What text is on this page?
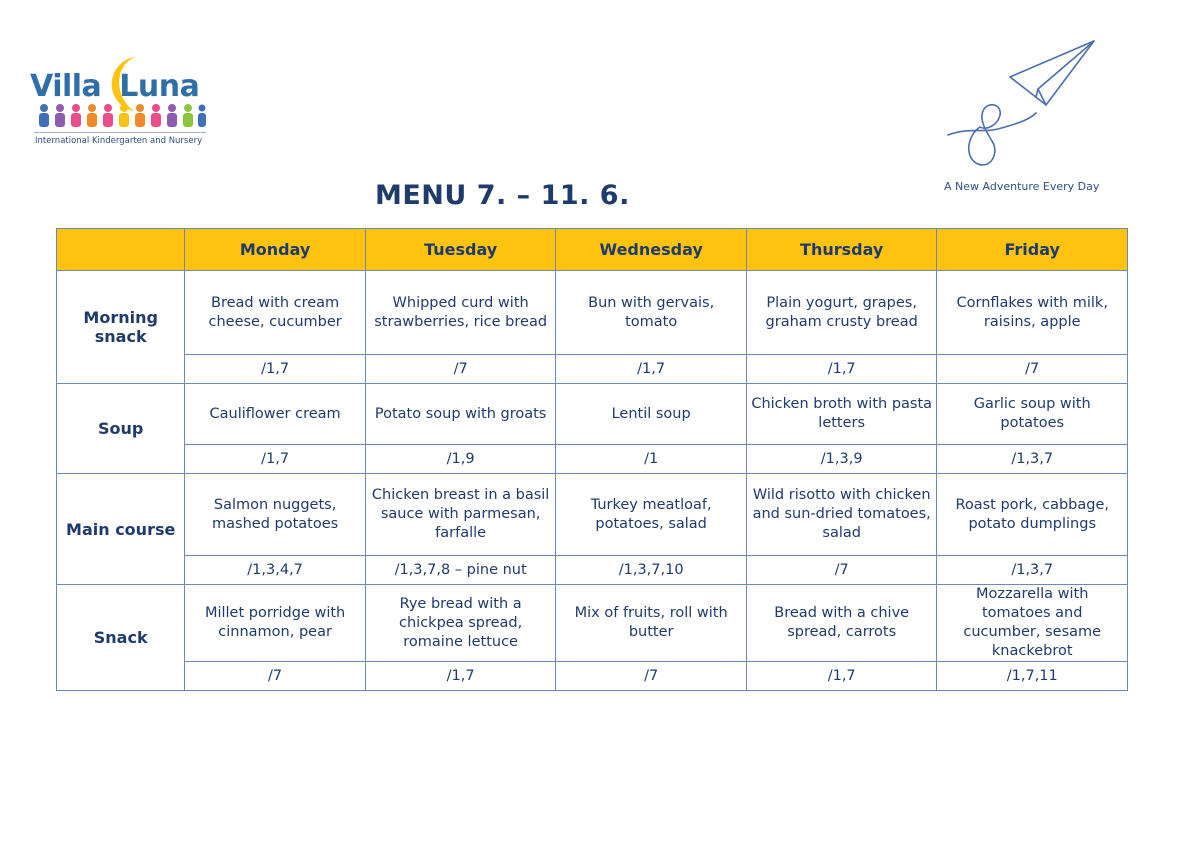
Villa Luna
International Kindergarten and Nursery
A New Adventure Every Day
MENU 7. – 11. 6.
	Monday	Tuesday	Wednesday	Thursday	Friday
Morning snack	Bread with cream cheese, cucumber	Whipped curd with strawberries, rice bread	Bun with gervais, tomato	Plain yogurt, grapes, graham crusty bread	Cornflakes with milk, raisins, apple
	/1,7	/7	/1,7	/1,7	/7
Soup	Cauliflower cream	Potato soup with groats	Lentil soup	Chicken broth with pasta letters	Garlic soup with potatoes
	/1,7	/1,9	/1	/1,3,9	/1,3,7
Main course	Salmon nuggets, mashed potatoes	Chicken breast in a basil sauce with parmesan, farfalle	Turkey meatloaf, potatoes, salad	Wild risotto with chicken and sun-dried tomatoes, salad	Roast pork, cabbage, potato dumplings
	/1,3,4,7	/1,3,7,8 – pine nut	/1,3,7,10	/7	/1,3,7
Snack	Millet porridge with cinnamon, pear	Rye bread with a chickpea spread, romaine lettuce	Mix of fruits, roll with butter	Bread with a chive spread, carrots	Mozzarella with tomatoes and cucumber, sesame knackebrot
	/7	/1,7	/7	/1,7	/1,7,11
